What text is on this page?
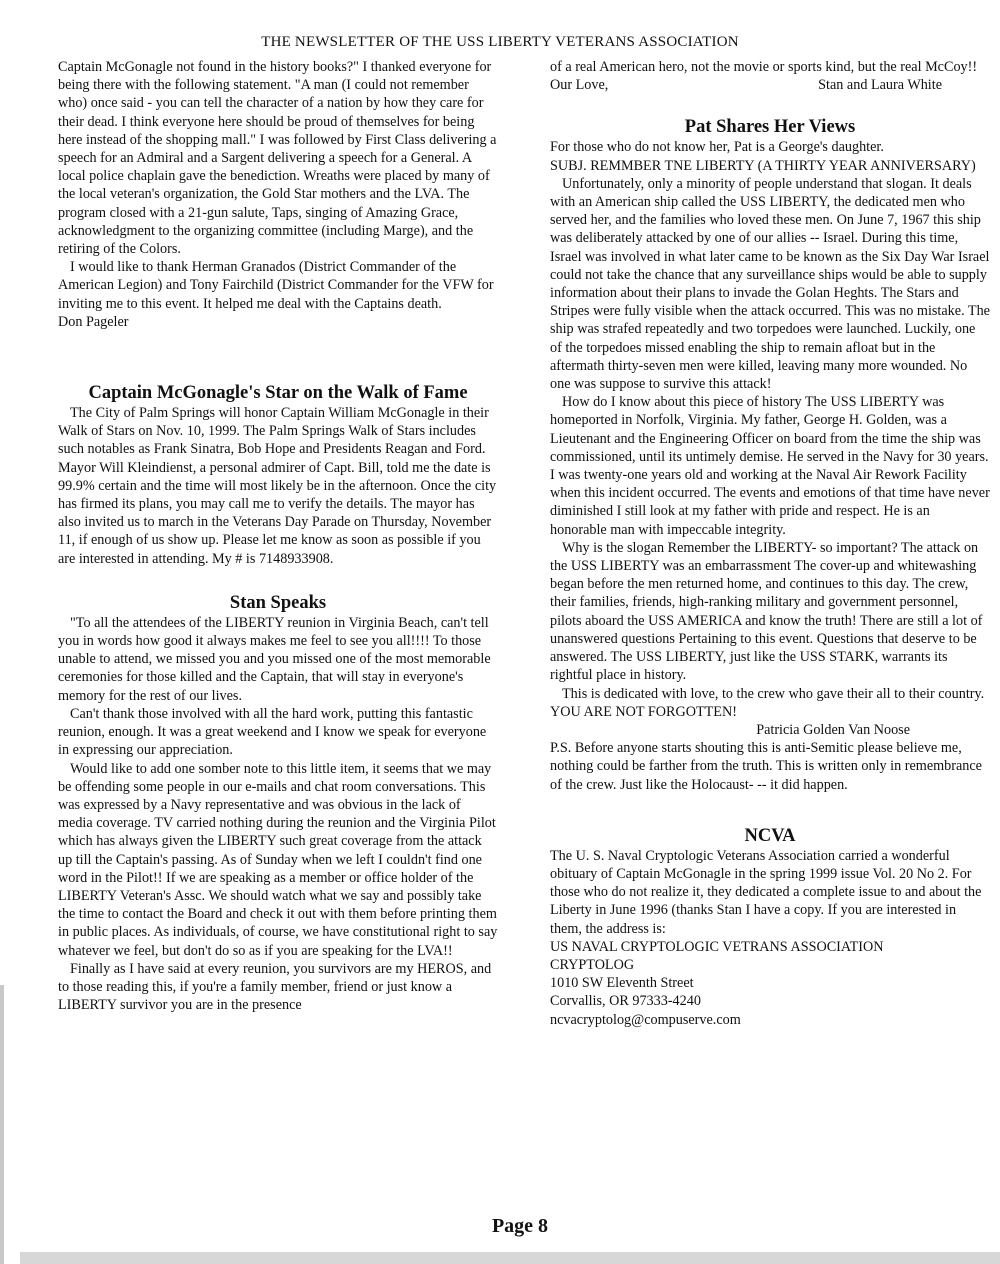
THE NEWSLETTER OF THE USS LIBERTY VETERANS ASSOCIATION

Captain McGonagle not found in the history books?" I thanked everyone for being there with the following statement. "A man (I could not remember who) once said - you can tell the character of a nation by how they care for their dead. I think everyone here should be proud of themselves for being here instead of the shopping mall." I was followed by First Class delivering a speech for an Admiral and a Sargent delivering a speech for a General. A local police chaplain gave the benediction. Wreaths were placed by many of the local veteran's organization, the Gold Star mothers and the LVA. The program closed with a 21-gun salute, Taps, singing of Amazing Grace, acknowledgment to the organizing committee (including Marge), and the retiring of the Colors.

I would like to thank Herman Granados (District Commander of the American Legion) and Tony Fairchild (District Commander for the VFW for inviting me to this event. It helped me deal with the Captains death.

Don Pageler

Captain McGonagle's Star on the Walk of Fame

The City of Palm Springs will honor Captain William McGonagle in their Walk of Stars on Nov. 10, 1999. The Palm Springs Walk of Stars includes such notables as Frank Sinatra, Bob Hope and Presidents Reagan and Ford. Mayor Will Kleindienst, a personal admirer of Capt. Bill, told me the date is 99.9% certain and the time will most likely be in the afternoon. Once the city has firmed its plans, you may call me to verify the details. The mayor has also invited us to march in the Veterans Day Parade on Thursday, November 11, if enough of us show up. Please let me know as soon as possible if you are interested in attending. My # is 7148933908.

Stan Speaks

"To all the attendees of the LIBERTY reunion in Virginia Beach, can't tell you in words how good it always makes me feel to see you all!!!! To those unable to attend, we missed you and you missed one of the most memorable ceremonies for those killed and the Captain, that will stay in everyone's memory for the rest of our lives.

Can't thank those involved with all the hard work, putting this fantastic reunion, enough. It was a great weekend and I know we speak for everyone in expressing our appreciation.

Would like to add one somber note to this little item, it seems that we may be offending some people in our e-mails and chat room conversations. This was expressed by a Navy representative and was obvious in the lack of media coverage. TV carried nothing during the reunion and the Virginia Pilot which has always given the LIBERTY such great coverage from the attack up till the Captain's passing. As of Sunday when we left I couldn't find one word in the Pilot!! If we are speaking as a member or office holder of the LIBERTY Veteran's Assc. We should watch what we say and possibly take the time to contact the Board and check it out with them before printing them in public places. As individuals, of course, we have constitutional right to say whatever we feel, but don't do so as if you are speaking for the LVA!!

Finally as I have said at every reunion, you survivors are my HEROS, and to those reading this, if you're a family member, friend or just know a LIBERTY survivor you are in the presence

of a real American hero, not the movie or sports kind, but the real McCoy!!

Our Love,	Stan and Laura White
Pat Shares Her Views

For those who do not know her, Pat is a George's daughter.

SUBJ. REMMBER TNE LIBERTY (A THIRTY YEAR ANNIVERSARY)

Unfortunately, only a minority of people understand that slogan. It deals with an American ship called the USS LIBERTY, the dedicated men who served her, and the families who loved these men. On June 7, 1967 this ship was deliberately attacked by one of our allies -- Israel. During this time, Israel was involved in what later came to be known as the Six Day War Israel could not take the chance that any surveillance ships would be able to supply information about their plans to invade the Golan Heghts. The Stars and Stripes were fully visible when the attack occurred. This was no mistake. The ship was strafed repeatedly and two torpedoes were launched. Luckily, one of the torpedoes missed enabling the ship to remain afloat but in the aftermath thirty-seven men were killed, leaving many more wounded. No one was suppose to survive this attack!

How do I know about this piece of history The USS LIBERTY was homeported in Norfolk, Virginia. My father, George H. Golden, was a Lieutenant and the Engineering Officer on board from the time the ship was commissioned, until its untimely demise. He served in the Navy for 30 years. I was twenty-one years old and working at the Naval Air Rework Facility when this incident occurred. The events and emotions of that time have never diminished I still look at my father with pride and respect. He is an honorable man with impeccable integrity.

Why is the slogan Remember the LIBERTY- so important? The attack on the USS LIBERTY was an embarrassment The cover-up and whitewashing began before the men returned home, and continues to this day. The crew, their families, friends, high-ranking military and government personnel, pilots aboard the USS AMERICA and know the truth! There are still a lot of unanswered questions Pertaining to this event. Questions that deserve to be answered. The USS LIBERTY, just like the USS STARK, warrants its rightful place in history.

This is dedicated with love, to the crew who gave their all to their country. YOU ARE NOT FORGOTTEN!

Patricia Golden Van Noose

P.S. Before anyone starts shouting this is anti-Semitic please believe me, nothing could be farther from the truth. This is written only in remembrance of the crew. Just like the Holocaust- -- it did happen.

NCVA

The U. S. Naval Cryptologic Veterans Association carried a wonderful obituary of Captain McGonagle in the spring 1999 issue Vol. 20 No 2. For those who do not realize it, they dedicated a complete issue to and about the Liberty in June 1996 (thanks Stan I have a copy. If you are interested in them, the address is:

US NAVAL CRYPTOLOGIC VETRANS ASSOCIATION

CRYPTOLOG

1010 SW Eleventh Street

Corvallis, OR 97333-4240

ncvacryptolog@compuserve.com

Page 8
